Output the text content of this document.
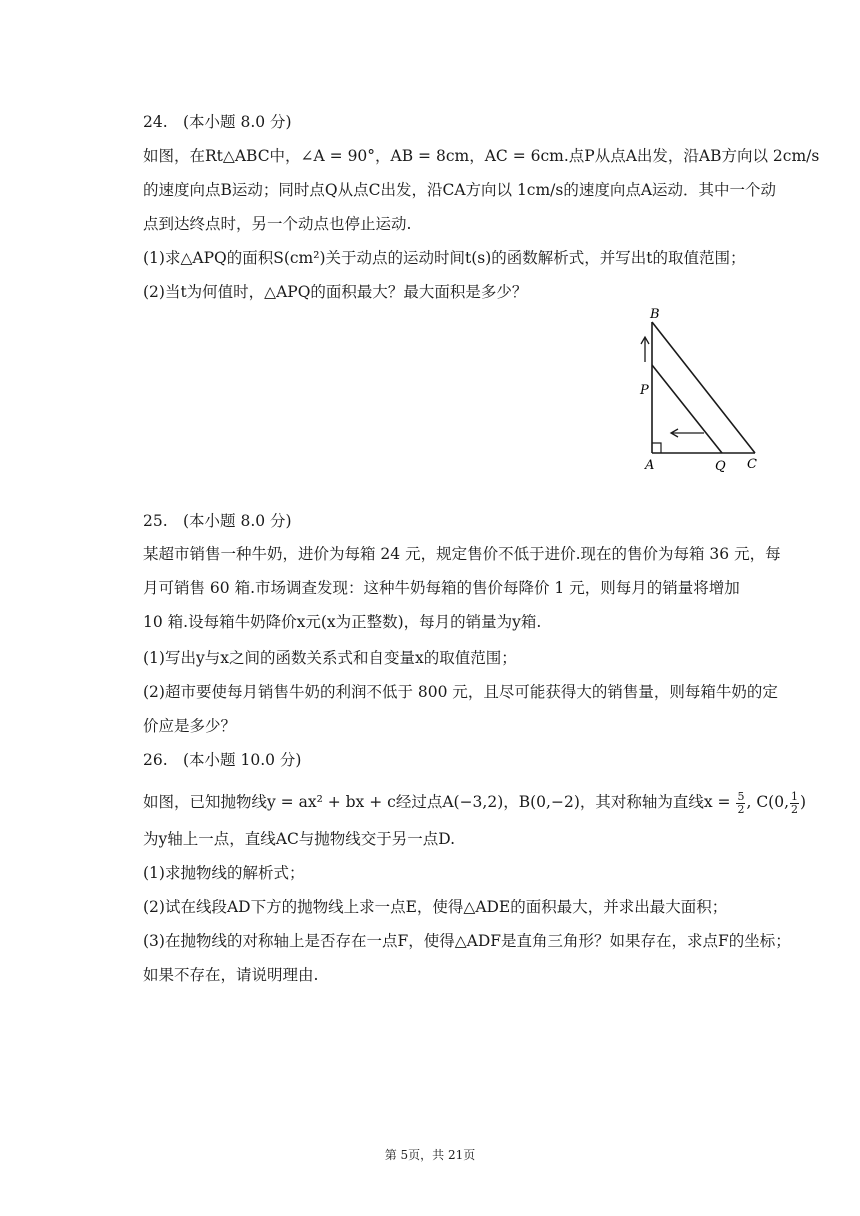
24. (本小题 8.0 分)
如图，在Rt△ABC中，∠A = 90°，AB = 8cm，AC = 6cm.点P从点A出发，沿AB方向以 2cm/s
的速度向点B运动；同时点Q从点C出发，沿CA方向以 1cm/s的速度向点A运动．其中一个动
点到达终点时，另一个动点也停止运动.
(1)求△APQ的面积S(cm²)关于动点的运动时间t(s)的函数解析式，并写出t的取值范围；
(2)当t为何值时，△APQ的面积最大？最大面积是多少？
B
P
A	Q C
25. (本小题 8.0 分)
某超市销售一种牛奶，进价为每箱 24 元，规定售价不低于进价.现在的售价为每箱 36 元，每
月可销售 60 箱.市场调查发现：这种牛奶每箱的售价每降价 1 元，则每月的销量将增加
10 箱.设每箱牛奶降价x元(x为正整数)，每月的销量为y箱.
(1)写出y与x之间的函数关系式和自变量x的取值范围；
(2)超市要使每月销售牛奶的利润不低于 800 元，且尽可能获得大的销售量，则每箱牛奶的定
价应是多少？
26. (本小题 10.0 分)
如图，已知抛物线y = ax² + bx + c经过点A(−3,2)，B(0,−2)，其对称轴为直线$x = \frac{5}{2}$ , C(0, $\frac{1}{2}$ )
为y轴上一点，直线AC与抛物线交于另一点D.
(1)求抛物线的解析式；
(2)试在线段AD下方的抛物线上求一点E，使得△ADE的面积最大，并求出最大面积；
(3)在抛物线的对称轴上是否存在一点F，使得△ADF是直角三角形？如果存在，求点F的坐标；
如果不存在，请说明理由.
第 5页，共 21页
